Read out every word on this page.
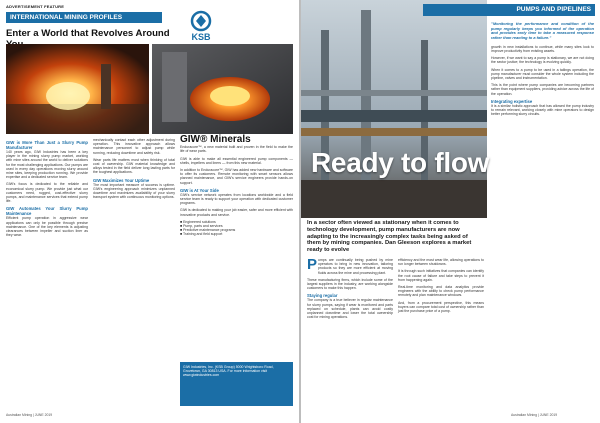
ADVERTISEMENT FEATURE
INTERNATIONAL MINING PROFILES
KSB
Enter a World that Revolves Around
GIW is More Than Just a Slurry Pump Manufacturer
140 years ago, GIW Industries has been a key player in the mining slurry pump market, working with mine sites around the world to deliver solutions for the most challenging applications. Our pumps are used in every day operations moving slurry around mine sites, keeping production running. We provide expertise and a dedicated service team.
GIW's focus is dedicated to the reliable and economical slurry pump. We provide just what our customers need, rugged, cost-effective slurry pumps, and maintenance services that extend pump life.
GIW Automates Your Slurry Pump Maintenance
Efficient pump operation in aggressive wear applicatons can only be possible through precise maintenance. One of the key elements is adjusting clearances between impeller and suction liner as they wear.
mechanically contact each other adjustment during operation. This innovative approach allows maintenance personnel to adjust pump while running, reducing downtime and safety risk.
Wear parts life matters most when thinking of total cost of ownership. GIW material knowledge and alloys tested in the field deliver long lasting parts for the toughest applications.
GIW Maximizes Your Uptime
The most important measure of success is uptime. GIW's engineering approach minimizes unplanned downtime and maximizes availability of your slurry transport system with continuous monitoring options.
GIW® Minerals
Enduracore™, a new material built and proven in the field to make the life of wear parts.
GIW is able to make all essential engineered pump components — shells, impellers and liners — from this new material.
In addition to Enduracore™, GIW has added new hardware and software to offer its customers. Remote monitoring with smart sensors allows planned maintenance, and GIW's service engineers provide hands-on support.
GIW is At Your Side
GIW's service network operates from locations worldwide and a field service team is ready to support your operation with dedicated customer programs.
GIW is dedicated to making your job easier, safer and more efficient with innovative products and service.
■ Engineered solutions
■ Pump, parts and services
■ Predictive maintenance programs
■ Training and field support
GIW Industries, Inc. (KSB Group) 5000 Wrightsboro Road, Grovetown, GA 30813 USA. For more information visit www.giwindustries.com
Australian Mining | JUNE 2019
PUMPS AND PIPELINES
Ready to flow
In a sector often viewed as stationary when it comes to technology development, pump manufacturers are now adapting to the increasingly complex tasks being asked of them by mining companies. Dan Gleeson explores a market ready to evolve
Pumps are continually being pushed by mine operators to bring in new innovation, tailoring products so they are more efficient at moving fluids across the mine and processing plant.
These manufacturing firms, which include some of the largest suppliers in the industry, are working alongside customers to make this happen.
Staying regular
The company is a true believer in regular maintenance for slurry pumps, saying if wear is monitored and parts replaced on schedule, plants can avoid costly unplanned downtime and lower the total ownership cost for mining operations.
efficiency and the most wear life, allowing operations to run longer between shutdowns.
It is through such initiatives that companies can identify the root cause of failure and take steps to prevent it from happening again.
Real-time monitoring and data analytics provide engineers with the ability to check pump performance remotely and plan maintenance windows.
And, from a procurement perspective, this means buyers can compare total cost of ownership rather than just the purchase price of a pump.
"Monitoring the performance and condition of the pump regularly keeps you informed of the operation and provides early time to take a measured response rather than reacting to a failure."
growth in new installations to continue, while many sites look to improve productivity from existing assets.
However, if we want to say a pump is stationary, we are not doing the sector justice; the technology is evolving quickly.
When it comes to a pump to be used in a tailings operation, the pump manufacturer must consider the whole system including the pipeline, valves and instrumentation.
This is the point where pump companies are becoming partners rather than equipment suppliers, providing advice across the life of the operation.
Integrating expertise
It is a similar holistic approach that has allowed the pump industry to remain relevant, working closely with mine operators to design better performing slurry circuits.
Australian Mining | JUNE 2019
